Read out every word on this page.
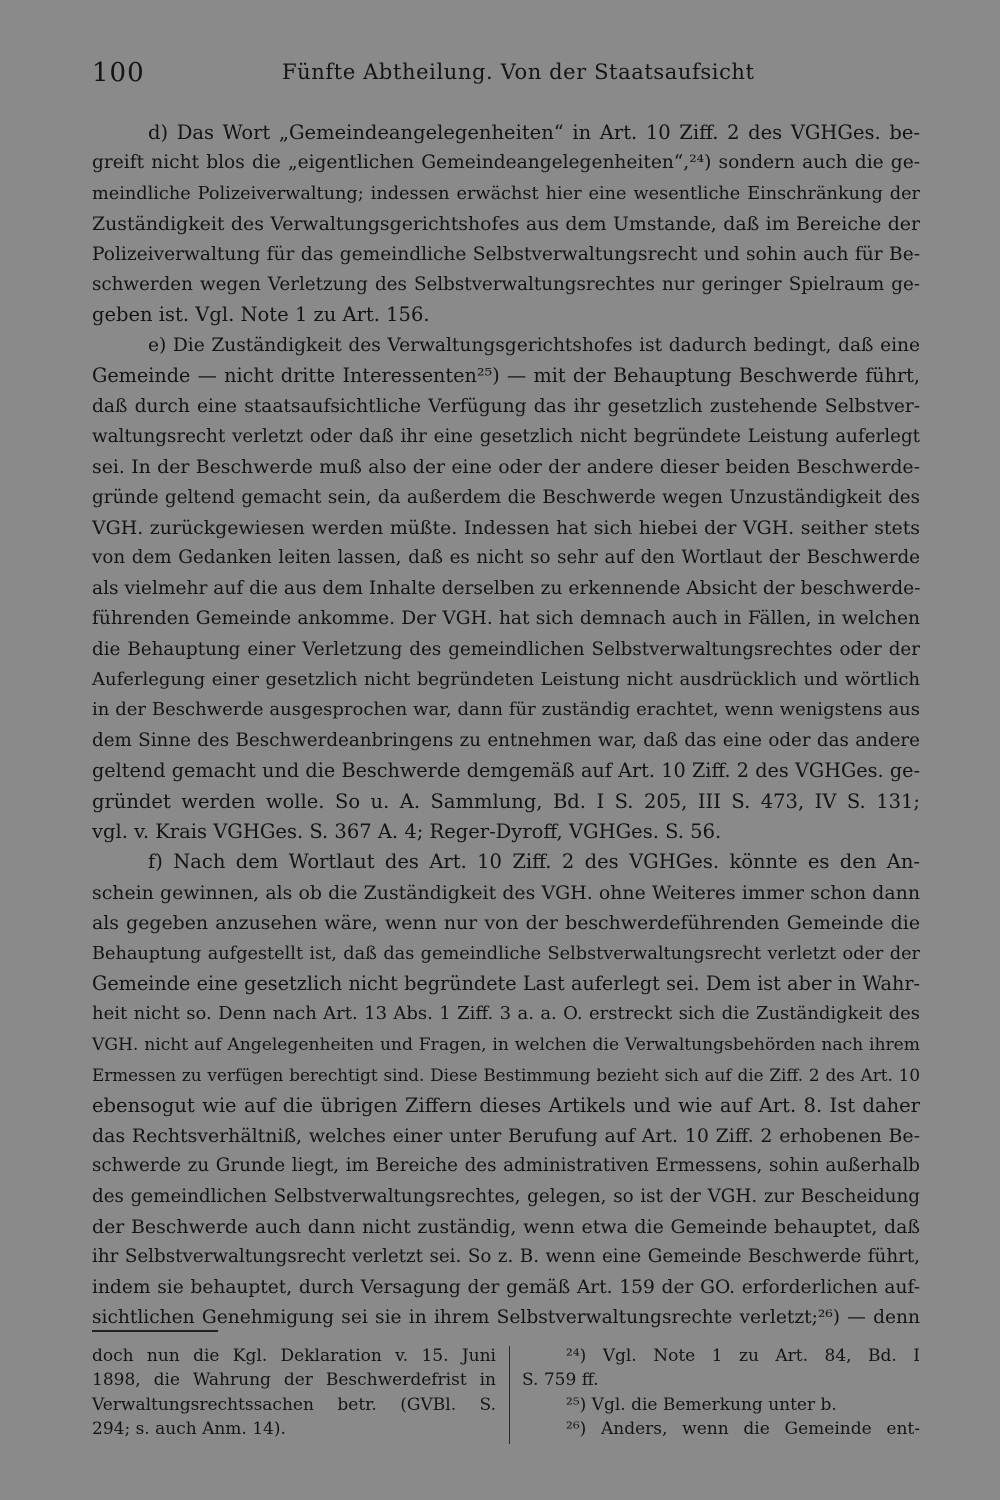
100	Fünfte Abtheilung. Von der Staatsaufsicht
d) Das Wort „Gemeindeangelegenheiten“ in Art. 10 Ziff. 2 des VGHGes. be-
greift nicht blos die „eigentlichen Gemeindeangelegenheiten“,²⁴) sondern auch die ge-
meindliche Polizeiverwaltung; indessen erwächst hier eine wesentliche Einschränkung der
Zuständigkeit des Verwaltungsgerichtshofes aus dem Umstande, daß im Bereiche der
Polizeiverwaltung für das gemeindliche Selbstverwaltungsrecht und sohin auch für Be-
schwerden wegen Verletzung des Selbstverwaltungsrechtes nur geringer Spielraum ge-
geben ist. Vgl. Note 1 zu Art. 156.
e) Die Zuständigkeit des Verwaltungsgerichtshofes ist dadurch bedingt, daß eine
Gemeinde — nicht dritte Interessenten²⁵) — mit der Behauptung Beschwerde führt,
daß durch eine staatsaufsichtliche Verfügung das ihr gesetzlich zustehende Selbstver-
waltungsrecht verletzt oder daß ihr eine gesetzlich nicht begründete Leistung auferlegt
sei. In der Beschwerde muß also der eine oder der andere dieser beiden Beschwerde-
gründe geltend gemacht sein, da außerdem die Beschwerde wegen Unzuständigkeit des
VGH. zurückgewiesen werden müßte. Indessen hat sich hiebei der VGH. seither stets
von dem Gedanken leiten lassen, daß es nicht so sehr auf den Wortlaut der Beschwerde
als vielmehr auf die aus dem Inhalte derselben zu erkennende Absicht der beschwerde-
führenden Gemeinde ankomme. Der VGH. hat sich demnach auch in Fällen, in welchen
die Behauptung einer Verletzung des gemeindlichen Selbstverwaltungsrechtes oder der
Auferlegung einer gesetzlich nicht begründeten Leistung nicht ausdrücklich und wörtlich
in der Beschwerde ausgesprochen war, dann für zuständig erachtet, wenn wenigstens aus
dem Sinne des Beschwerdeanbringens zu entnehmen war, daß das eine oder das andere
geltend gemacht und die Beschwerde demgemäß auf Art. 10 Ziff. 2 des VGHGes. ge-
gründet werden wolle. So u. A. Sammlung, Bd. I S. 205, III S. 473, IV S. 131;
vgl. v. Krais VGHGes. S. 367 A. 4; Reger-Dyroff, VGHGes. S. 56.
f) Nach dem Wortlaut des Art. 10 Ziff. 2 des VGHGes. könnte es den An-
schein gewinnen, als ob die Zuständigkeit des VGH. ohne Weiteres immer schon dann
als gegeben anzusehen wäre, wenn nur von der beschwerdeführenden Gemeinde die
Behauptung aufgestellt ist, daß das gemeindliche Selbstverwaltungsrecht verletzt oder der
Gemeinde eine gesetzlich nicht begründete Last auferlegt sei. Dem ist aber in Wahr-
heit nicht so. Denn nach Art. 13 Abs. 1 Ziff. 3 a. a. O. erstreckt sich die Zuständigkeit des
VGH. nicht auf Angelegenheiten und Fragen, in welchen die Verwaltungsbehörden nach ihrem
Ermessen zu verfügen berechtigt sind. Diese Bestimmung bezieht sich auf die Ziff. 2 des Art. 10
ebensogut wie auf die übrigen Ziffern dieses Artikels und wie auf Art. 8. Ist daher
das Rechtsverhältniß, welches einer unter Berufung auf Art. 10 Ziff. 2 erhobenen Be-
schwerde zu Grunde liegt, im Bereiche des administrativen Ermessens, sohin außerhalb
des gemeindlichen Selbstverwaltungsrechtes, gelegen, so ist der VGH. zur Bescheidung
der Beschwerde auch dann nicht zuständig, wenn etwa die Gemeinde behauptet, daß
ihr Selbstverwaltungsrecht verletzt sei. So z. B. wenn eine Gemeinde Beschwerde führt,
indem sie behauptet, durch Versagung der gemäß Art. 159 der GO. erforderlichen auf-
sichtlichen Genehmigung sei sie in ihrem Selbstverwaltungsrechte verletzt;²⁶) — denn
doch nun die Kgl. Deklaration v. 15. Juni
1898, die Wahrung der Beschwerdefrist in
Verwaltungsrechtssachen betr. (GVBl. S.
294; s. auch Anm. 14).
²⁴) Vgl. Note 1 zu Art. 84, Bd. I
S. 759 ff.
²⁵) Vgl. die Bemerkung unter b.
²⁶) Anders, wenn die Gemeinde ent-
